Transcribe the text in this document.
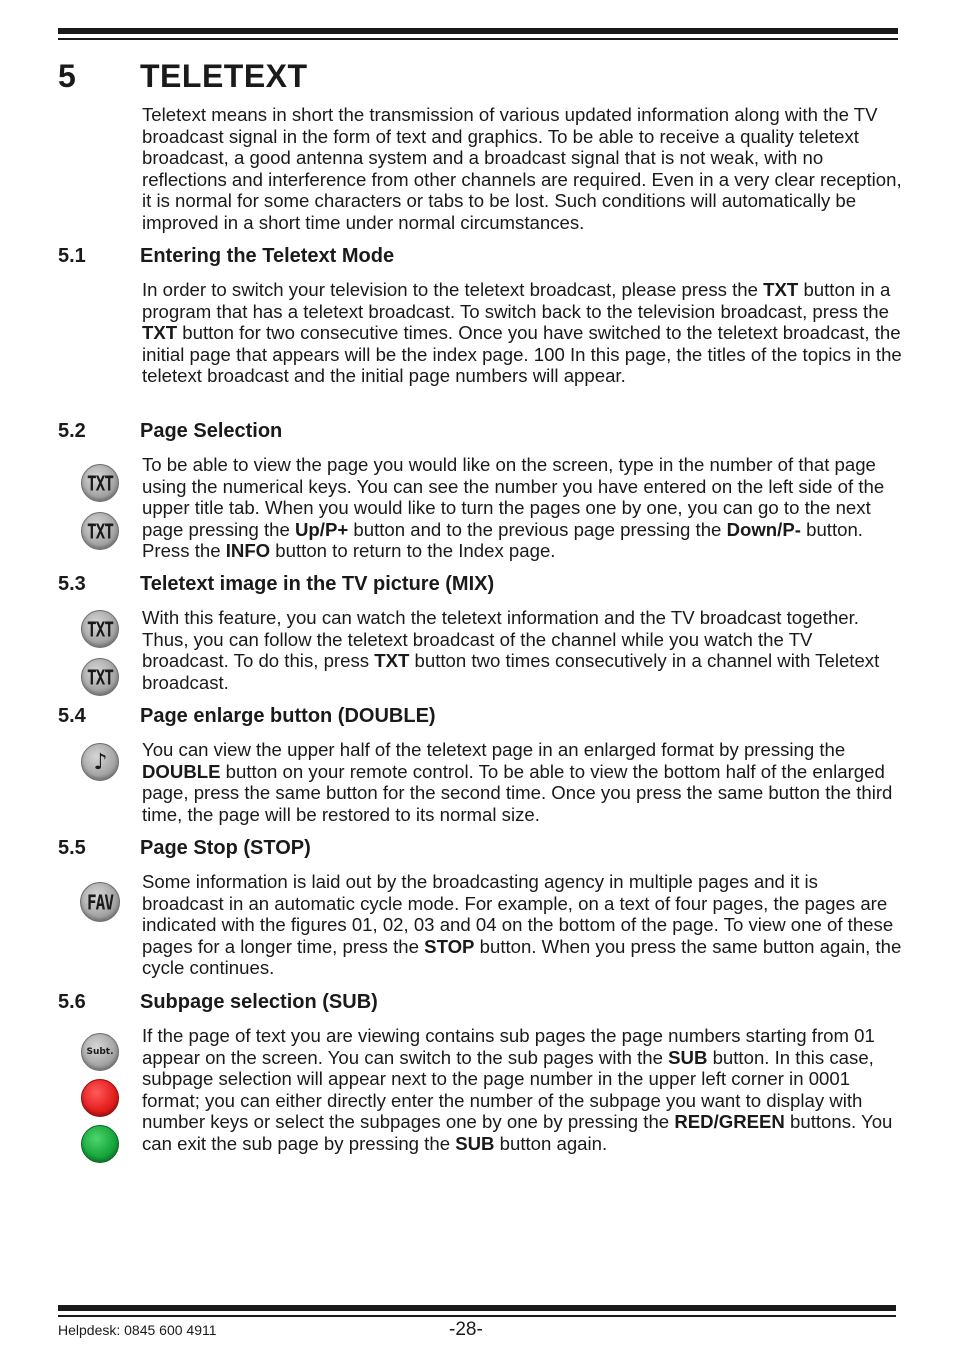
5 TELETEXT

Teletext means in short the transmission of various updated information along with the TV broadcast signal in the form of text and graphics. To be able to receive a quality teletext broadcast, a good antenna system and a broadcast signal that is not weak, with no reflections and interference from other channels are required. Even in a very clear reception, it is normal for some characters or tabs to be lost. Such conditions will automatically be improved in a short time under normal circumstances.

5.1	Entering the Teletext Mode

In order to switch your television to the teletext broadcast, please press the TXT button in a program that has a teletext broadcast. To switch back to the television broadcast, press the TXT button for two consecutive times. Once you have switched to the teletext broadcast, the initial page that appears will be the index page. 100 In this page, the titles of the topics in the teletext broadcast and the initial page numbers will appear.

5.2	Page Selection
TXT
TXT

To be able to view the page you would like on the screen, type in the number of that page using the numerical keys. You can see the number you have entered on the left side of the upper title tab. When you would like to turn the pages one by one, you can go to the next page pressing the Up/P+ button and to the previous page pressing the Down/P- button. Press the INFO button to return to the Index page.

5.3	Teletext image in the TV picture (MIX)
TXT
TXT

With this feature, you can watch the teletext information and the TV broadcast together. Thus, you can follow the teletext broadcast of the channel while you watch the TV broadcast. To do this, press TXT button two times consecutively in a channel with Teletext broadcast.

5.4	Page enlarge button (DOUBLE)
♪ You can view the upper half of the teletext page in an enlarged format by pressing the DOUBLE button on your remote control. To be able to view the bottom half of the enlarged page, press the same button for the second time. Once you press the same button the third time, the page will be restored to its normal size.

5.5	Page Stop (STOP)
FAV

Some information is laid out by the broadcasting agency in multiple pages and it is broadcast in an automatic cycle mode. For example, on a text of four pages, the pages are indicated with the figures 01, 02, 03 and 04 on the bottom of the page. To view one of these pages for a longer time, press the STOP button. When you press the same button again, the cycle continues.

5.6	Subpage selection (SUB)
Subt.

If the page of text you are viewing contains sub pages the page numbers starting from 01 appear on the screen. You can switch to the sub pages with the SUB button. In this case, subpage selection will appear next to the page number in the upper left corner in 0001 format; you can either directly enter the number of the subpage you want to display with number keys or select the subpages one by one by pressing the RED/GREEN buttons. You can exit the sub page by pressing the SUB button again.

Helpdesk: 0845 600 4911	-28-
